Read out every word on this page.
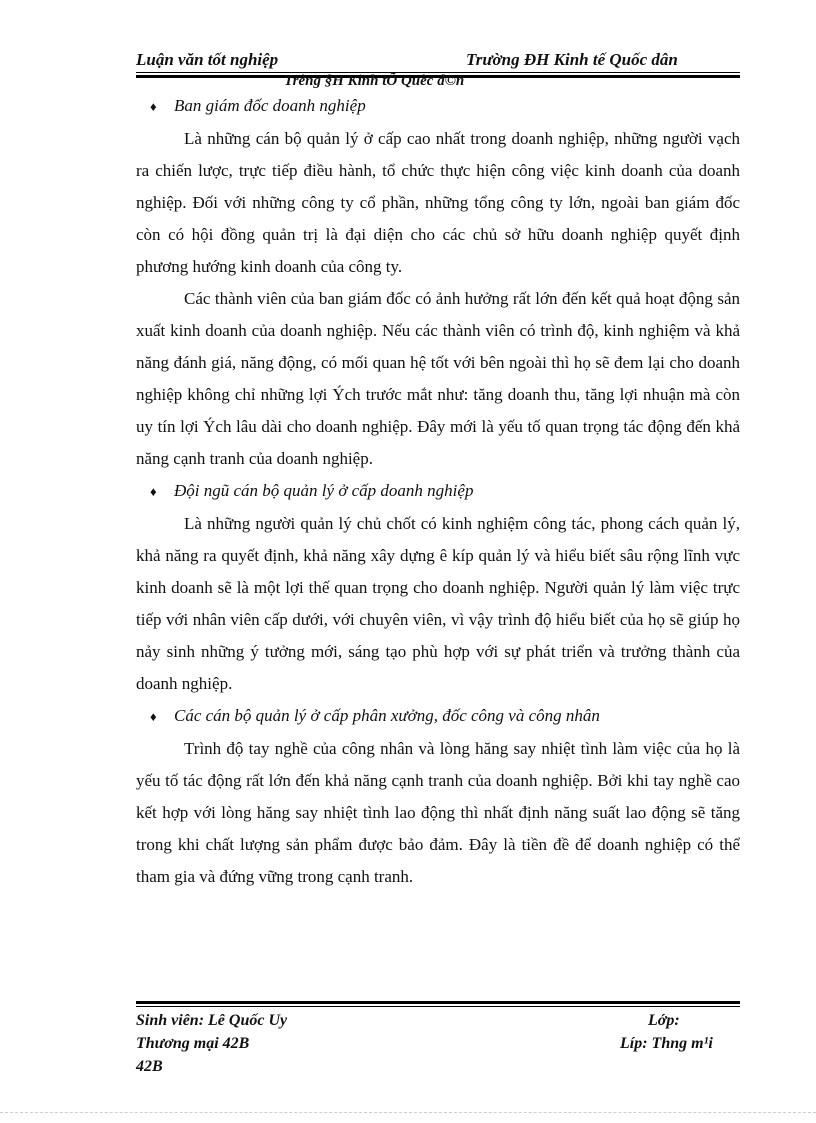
Luận văn tốt nghiệp	Trường ĐH Kinh tế Quốc dân
Trêng §H Kinh tÕ Quèc d©n

♦ Ban giám đốc doanh nghiệp

Là những cán bộ quản lý ở cấp cao nhất trong doanh nghiệp, những người vạch ra chiến lược, trực tiếp điều hành, tổ chức thực hiện công việc kinh doanh của doanh nghiệp. Đối với những công ty cổ phần, những tổng công ty lớn, ngoài ban giám đốc còn có hội đồng quản trị là đại diện cho các chủ sở hữu doanh nghiệp quyết định phương hướng kinh doanh của công ty.

Các thành viên của ban giám đốc có ảnh hưởng rất lớn đến kết quả hoạt động sản xuất kinh doanh của doanh nghiệp. Nếu các thành viên có trình độ, kinh nghiệm và khả năng đánh giá, năng động, có mối quan hệ tốt với bên ngoài thì họ sẽ đem lại cho doanh nghiệp không chỉ những lợi Ých trước mắt như: tăng doanh thu, tăng lợi nhuận mà còn uy tín lợi Ých lâu dài cho doanh nghiệp. Đây mới là yếu tố quan trọng tác động đến khả năng cạnh tranh của doanh nghiệp.

♦ Đội ngũ cán bộ quản lý ở cấp doanh nghiệp

Là những người quản lý chủ chốt có kinh nghiệm công tác, phong cách quản lý, khả năng ra quyết định, khả năng xây dựng ê kíp quản lý và hiểu biết sâu rộng lĩnh vực kinh doanh sẽ là một lợi thế quan trọng cho doanh nghiệp. Người quản lý làm việc trực tiếp với nhân viên cấp dưới, với chuyên viên, vì vậy trình độ hiểu biết của họ sẽ giúp họ nảy sinh những ý tưởng mới, sáng tạo phù hợp với sự phát triển và trưởng thành của doanh nghiệp.

♦ Các cán bộ quản lý ở cấp phân xưởng, đốc công và công nhân

Trình độ tay nghề của công nhân và lòng hăng say nhiệt tình làm việc của họ là yếu tố tác động rất lớn đến khả năng cạnh tranh của doanh nghiệp. Bởi khi tay nghề cao kết hợp với lòng hăng say nhiệt tình lao động thì nhất định năng suất lao động sẽ tăng trong khi chất lượng sản phẩm được bảo đảm. Đây là tiền đề để doanh nghiệp có thể tham gia và đứng vững trong cạnh tranh.

Sinh viên: Lê Quốc Uy	Lớp:
Thương mại 42B	Líp: Thng m¹i
42B
